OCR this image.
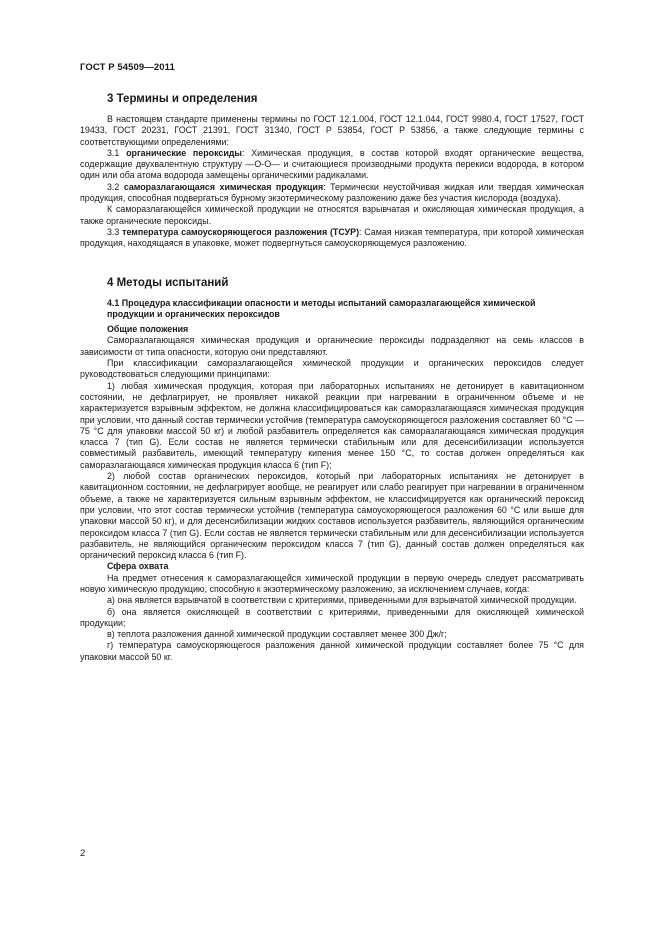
ГОСТ Р 54509—2011
3 Термины и определения

В настоящем стандарте применены термины по ГОСТ 12.1.004, ГОСТ 12.1.044, ГОСТ 9980.4, ГОСТ 17527, ГОСТ 19433, ГОСТ 20231, ГОСТ 21391, ГОСТ 31340, ГОСТ Р 53854, ГОСТ Р 53856, а также следующие термины с соответствующими определениями:

3.1 органические пероксиды: Химическая продукция, в состав которой входят органические вещества, содержащие двухвалентную структуру —О-О— и считающиеся производными продукта перекиси водорода, в котором один или оба атома водорода замещены органическими радикалами.

3.2 саморазлагающаяся химическая продукция: Термически неустойчивая жидкая или твердая химическая продукция, способная подвергаться бурному экзотермическому разложению даже без участия кислорода (воздуха).

К саморазлагающейся химической продукции не относятся взрывчатая и окисляющая химическая продукция, а также органические пероксиды.

3.3 температура самоускоряющегося разложения (ТСУР): Самая низкая температура, при которой химическая продукция, находящаяся в упаковке, может подвергнуться самоускоряющемуся разложению.

4 Методы испытаний

4.1 Процедура классификации опасности и методы испытаний саморазлагающейся химической продукции и органических пероксидов

Общие положения

Саморазлагающаяся химическая продукция и органические пероксиды подразделяют на семь классов в зависимости от типа опасности, которую они представляют.

При классификации саморазлагающейся химической продукции и органических пероксидов следует руководствоваться следующими принципами:

1) любая химическая продукция, которая при лабораторных испытаниях не детонирует в кавитационном состоянии, не дефлагрирует, не проявляет никакой реакции при нагревании в ограниченном объеме и не характеризуется взрывным эффектом, не должна классифицироваться как саморазлагающаяся химическая продукция при условии, что данный состав термически устойчив (температура самоускоряющегося разложения составляет 60 °С — 75 °С для упаковки массой 50 кг) и любой разбавитель определяется как саморазлагающаяся химическая продукция класса 7 (тип G). Если состав не является термически стабильным или для десенсибилизации используется совместимый разбавитель, имеющий температуру кипения менее 150 °С, то состав должен определяться как саморазлагающаяся химическая продукция класса 6 (тип F);

2) любой состав органических пероксидов, который при лабораторных испытаниях не детонирует в кавитационном состоянии, не дефлагрирует вообще, не реагирует или слабо реагирует при нагревании в ограниченном объеме, а также не характеризуется сильным взрывным эффектом, не классифицируется как органический пероксид при условии, что этот состав термически устойчив (температура самоускоряющегося разложения 60 °С или выше для упаковки массой 50 кг), и для десенсибилизации жидких составов используется разбавитель, являющийся органическим пероксидом класса 7 (тип G). Если состав не является термически стабильным или для десенсибилизации используется разбавитель, не являющийся органическим пероксидом класса 7 (тип G), данный состав должен определяться как органический пероксид класса 6 (тип F).

Сфера охвата

На предмет отнесения к саморазлагающейся химической продукции в первую очередь следует рассматривать новую химическую продукцию, способную к экзотермическому разложению, за исключением случаев, когда:

а) она является взрывчатой в соответствии с критериями, приведенными для взрывчатой химической продукции.

б) она является окисляющей в соответствии с критериями, приведенными для окисляющей химической продукции;

в) теплота разложения данной химической продукции составляет менее 300 Дж/г;

г) температура самоускоряющегося разложения данной химической продукции составляет более 75 °С для упаковки массой 50 кг.

2
